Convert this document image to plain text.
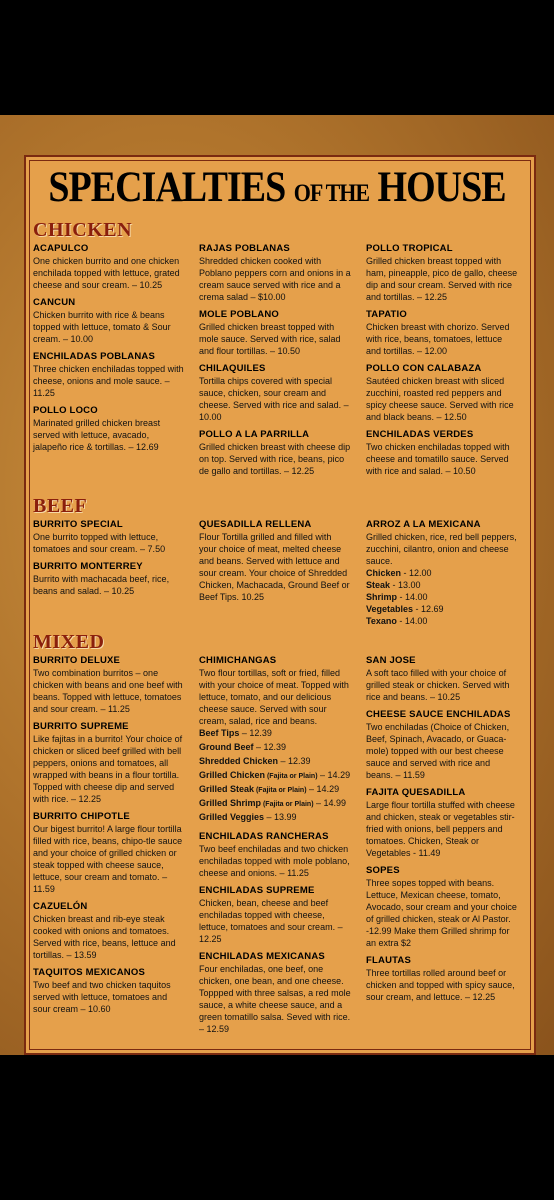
SPECIALTIES OF THE HOUSE
CHICKEN
ACAPULCO
One chicken burrito and one chicken enchilada topped with lettuce, grated cheese and sour cream. – 10.25
CANCUN
Chicken burrito with rice & beans topped with lettuce, tomato & Sour cream. – 10.00
ENCHILADAS POBLANAS
Three chicken enchiladas topped with cheese, onions and mole sauce. – 11.25
POLLO LOCO
Marinated grilled chicken breast served with lettuce, avacado, jalapeño rice & tortillas. – 12.69
RAJAS POBLANAS
Shredded chicken cooked with Poblano peppers corn and onions in a cream sauce served with rice and a crema salad – $10.00
MOLE POBLANO
Grilled chicken breast topped with mole sauce. Served with rice, salad and flour tortillas. – 10.50
CHILAQUILES
Tortilla chips covered with special sauce, chicken, sour cream and cheese. Served with rice and salad. –10.00
POLLO A LA PARRILLA
Grilled chicken breast with cheese dip on top. Served with rice, beans, pico de gallo and tortillas. – 12.25
POLLO TROPICAL
Grilled chicken breast topped with ham, pineapple, pico de gallo, cheese dip and sour cream. Served with rice and tortillas. – 12.25
TAPATIO
Chicken breast with chorizo. Served with rice, beans, tomatoes, lettuce and tortillas. – 12.00
POLLO CON CALABAZA
Sautéed chicken breast with sliced zucchini, roasted red peppers and spicy cheese sauce. Served with rice and black beans. – 12.50
ENCHILADAS VERDES
Two chicken enchiladas topped with cheese and tomatillo sauce. Served with rice and salad. – 10.50
BEEF
BURRITO SPECIAL
One burrito topped with lettuce, tomatoes and sour cream. – 7.50
BURRITO MONTERREY
Burrito with machacada beef, rice, beans and salad. – 10.25
QUESADILLA RELLENA
Flour Tortilla grilled and filled with your choice of meat, melted cheese and beans. Served with lettuce and sour cream. Your choice of Shredded Chicken, Machacada, Ground Beef or Beef Tips. 10.25
ARROZ A LA MEXICANA
Grilled chicken, rice, red bell peppers, zucchini, cilantro, onion and cheese sauce.
Chicken - 12.00
Steak - 13.00
Shrimp - 14.00
Vegetables - 12.69
Texano - 14.00
MIXED
BURRITO DELUXE
Two combination burritos – one chicken with beans and one beef with beans. Topped with lettuce, tomatoes and sour cream. – 11.25
BURRITO SUPREME
Like fajitas in a burrito! Your choice of chicken or sliced beef grilled with bell peppers, onions and tomatoes, all wrapped with beans in a flour tortilla. Topped with cheese dip and served with rice. – 12.25
BURRITO CHIPOTLE
Our bigest burrito! A large flour tortilla filled with rice, beans, chipo-tle sauce and your choice of grilled chicken or steak topped with cheese sauce, lettuce, sour cream and tomato. – 11.59
CAZUELÓN
Chicken breast and rib-eye steak cooked with onions and tomatoes. Served with rice, beans, lettuce and tortillas. – 13.59
TAQUITOS MEXICANOS
Two beef and two chicken taquitos served with lettuce, tomatoes and sour cream – 10.60
CHIMICHANGAS
Two flour tortillas, soft or fried, filled with your choice of meat. Topped with lettuce, tomato, and our delicious cheese sauce. Served with sour cream, salad, rice and beans.
Beef Tips – 12.39
Ground Beef – 12.39
Shredded Chicken – 12.39
Grilled Chicken (Fajita or Plain) – 14.29
Grilled Steak (Fajita or Plain) – 14.29
Grilled Shrimp (Fajita or Plain) – 14.99
Grilled Veggies – 13.99
ENCHILADAS RANCHERAS
Two beef enchiladas and two chicken enchiladas topped with mole poblano, cheese and onions. – 11.25
ENCHILADAS SUPREME
Chicken, bean, cheese and beef enchiladas topped with cheese, lettuce, tomatoes and sour cream. – 12.25
ENCHILADAS MEXICANAS
Four enchiladas, one beef, one chicken, one bean, and one cheese. Toppped with three salsas, a red mole sauce, a white cheese sauce, and a green tomatillo salsa. Seved with rice. – 12.59
SAN JOSE
A soft taco filled with your choice of grilled steak or chicken. Served with rice and beans. – 10.25
CHEESE SAUCE ENCHILADAS
Two enchiladas (Choice of Chicken, Beef, Spinach, Avacado, or Guaca-mole) topped with our best cheese sauce and served with rice and beans. – 11.59
FAJITA QUESADILLA
Large flour tortilla stuffed with cheese and chicken, steak or vegetables stir-fried with onions, bell peppers and tomatoes. Chicken, Steak or Vegetables - 11.49
SOPES
Three sopes topped with beans. Lettuce, Mexican cheese, tomato, Avocado, sour cream and your choice of grilled chicken, steak or Al Pastor. -12.99 Make them Grilled shrimp for an extra $2
FLAUTAS
Three tortillas rolled around beef or chicken and topped with spicy sauce, sour cream, and lettuce. – 12.25
